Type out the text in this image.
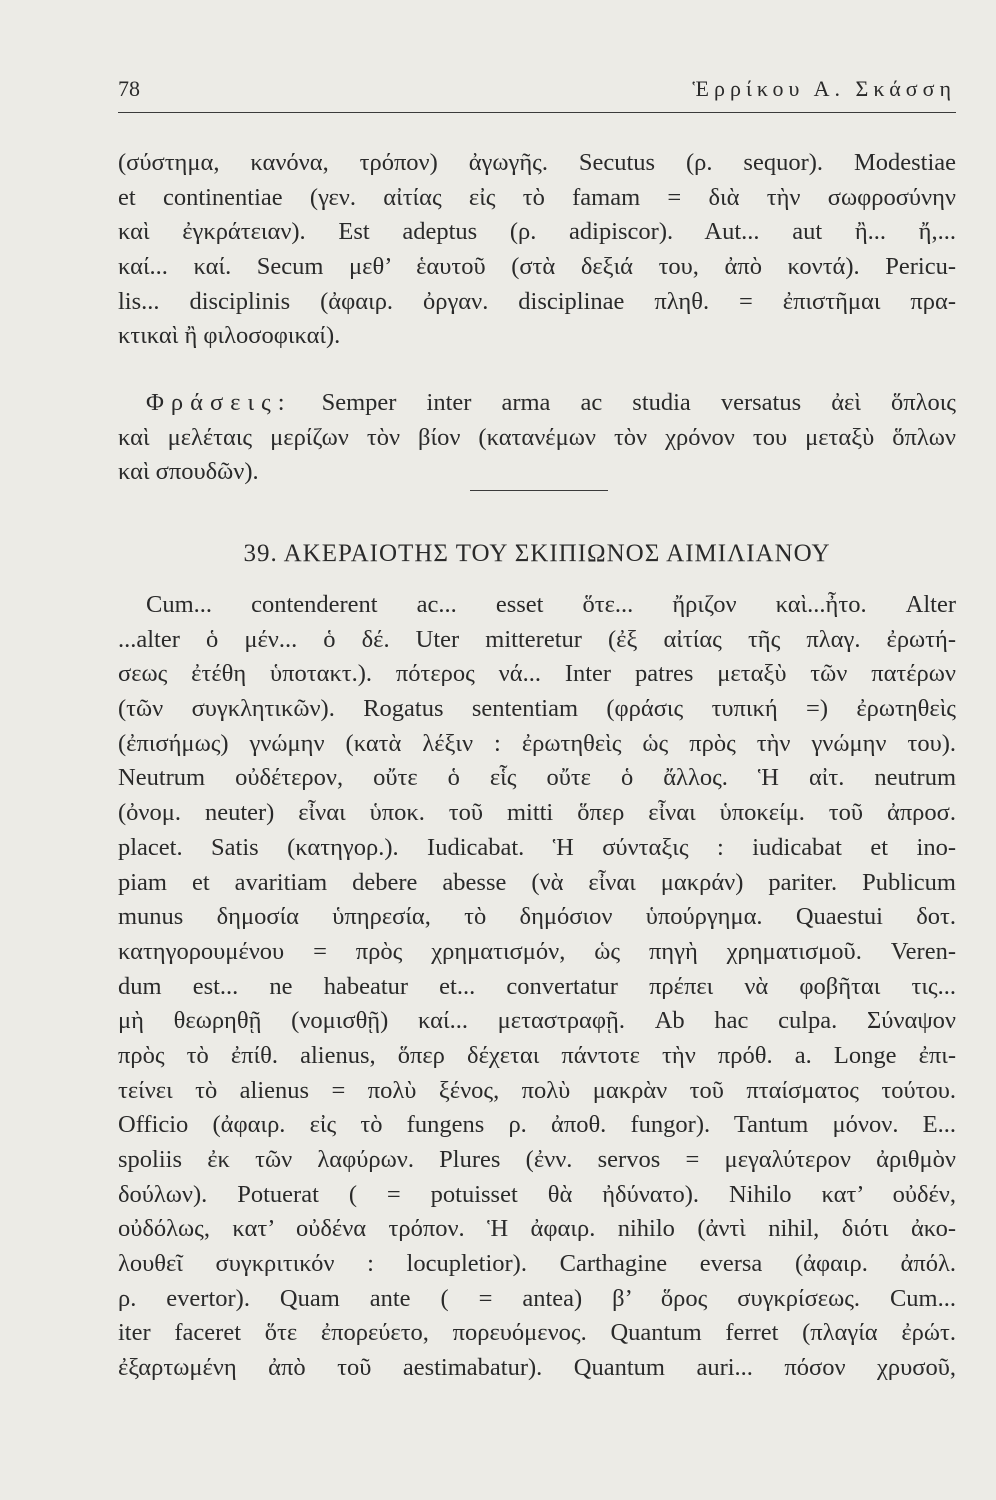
78	Ἑρρίκου Α. Σκάσση
(σύστημα, κανόνα, τρόπον) ἀγωγῆς. Secutus (ρ. sequor). Modestiae
et continentiae (γεν. αἰτίας εἰς τὸ famam = διὰ τὴν σωφροσύνην
καὶ ἐγκράτειαν). Est adeptus (ρ. adipiscor). Aut... aut ἢ... ἤ,...
καί... καί. Secum μεθ’ ἑαυτοῦ (στὰ δεξιά του, ἀπὸ κοντά). Pericu-
lis... disciplinis (ἀφαιρ. ὀργαν. disciplinae πληθ. = ἐπιστῆμαι πρα-
κτικαὶ ἢ φιλοσοφικαί).
Φράσεις: Semper inter arma ac studia versatus ἀεὶ ὅπλοις
καὶ μελέταις μερίζων τὸν βίον (κατανέμων τὸν χρόνον του μεταξὺ ὅπλων
καὶ σπουδῶν).
39. ΑΚΕΡΑΙΟΤΗΣ ΤΟΥ ΣΚΙΠΙΩΝΟΣ ΑΙΜΙΛΙΑΝΟΥ
Cum... contenderent ac... esset ὅτε... ἤριζον καὶ...ἦτο. Alter
...alter ὁ μέν... ὁ δέ. Uter mitteretur (ἐξ αἰτίας τῆς πλαγ. ἐρωτή-
σεως ἐτέθη ὑποτακτ.). πότερος νά... Inter patres μεταξὺ τῶν πατέρων
(τῶν συγκλητικῶν). Rogatus sententiam (φράσις τυπική =) ἐρωτηθεὶς
(ἐπισήμως) γνώμην (κατὰ λέξιν : ἐρωτηθεὶς ὡς πρὸς τὴν γνώμην του).
Neutrum οὐδέτερον, οὔτε ὁ εἷς οὔτε ὁ ἄλλος. Ἡ αἰτ. neutrum
(ὀνομ. neuter) εἶναι ὑποκ. τοῦ mitti ὅπερ εἶναι ὑποκείμ. τοῦ ἀπροσ.
placet. Satis (κατηγορ.). Iudicabat. Ἡ σύνταξις : iudicabat et ino-
piam et avaritiam debere abesse (νὰ εἶναι μακράν) pariter. Publicum
munus δημοσία ὑπηρεσία, τὸ δημόσιον ὑπούργημα. Quaestui δοτ.
κατηγορουμένου = πρὸς χρηματισμόν, ὡς πηγὴ χρηματισμοῦ. Veren-
dum est... ne habeatur et... convertatur πρέπει νὰ φοβῆται τις...
μὴ θεωρηθῇ (νομισθῇ) καί... μεταστραφῇ. Ab hac culpa. Σύναψον
πρὸς τὸ ἐπίθ. alienus, ὅπερ δέχεται πάντοτε τὴν πρόθ. a. Longe ἐπι-
τείνει τὸ alienus = πολὺ ξένος, πολὺ μακρὰν τοῦ πταίσματος τούτου.
Officio (ἀφαιρ. εἰς τὸ fungens ρ. ἀποθ. fungor). Tantum μόνον. E...
spoliis ἐκ τῶν λαφύρων. Plures (ἐνν. servos = μεγαλύτερον ἀριθμὸν
δούλων). Potuerat ( = potuisset θὰ ἠδύνατο). Nihilo κατ’ οὐδέν,
οὐδόλως, κατ’ οὐδένα τρόπον. Ἡ ἀφαιρ. nihilo (ἀντὶ nihil, διότι ἀκο-
λουθεῖ συγκριτικόν : locupletior). Carthagine eversa (ἀφαιρ. ἀπόλ.
ρ. evertor). Quam ante ( = antea) β’ ὅρος συγκρίσεως. Cum...
iter faceret ὅτε ἐπορεύετο, πορευόμενος. Quantum ferret (πλαγία ἐρώτ.
ἐξαρτωμένη ἀπὸ τοῦ aestimabatur). Quantum auri... πόσον χρυσοῦ,
